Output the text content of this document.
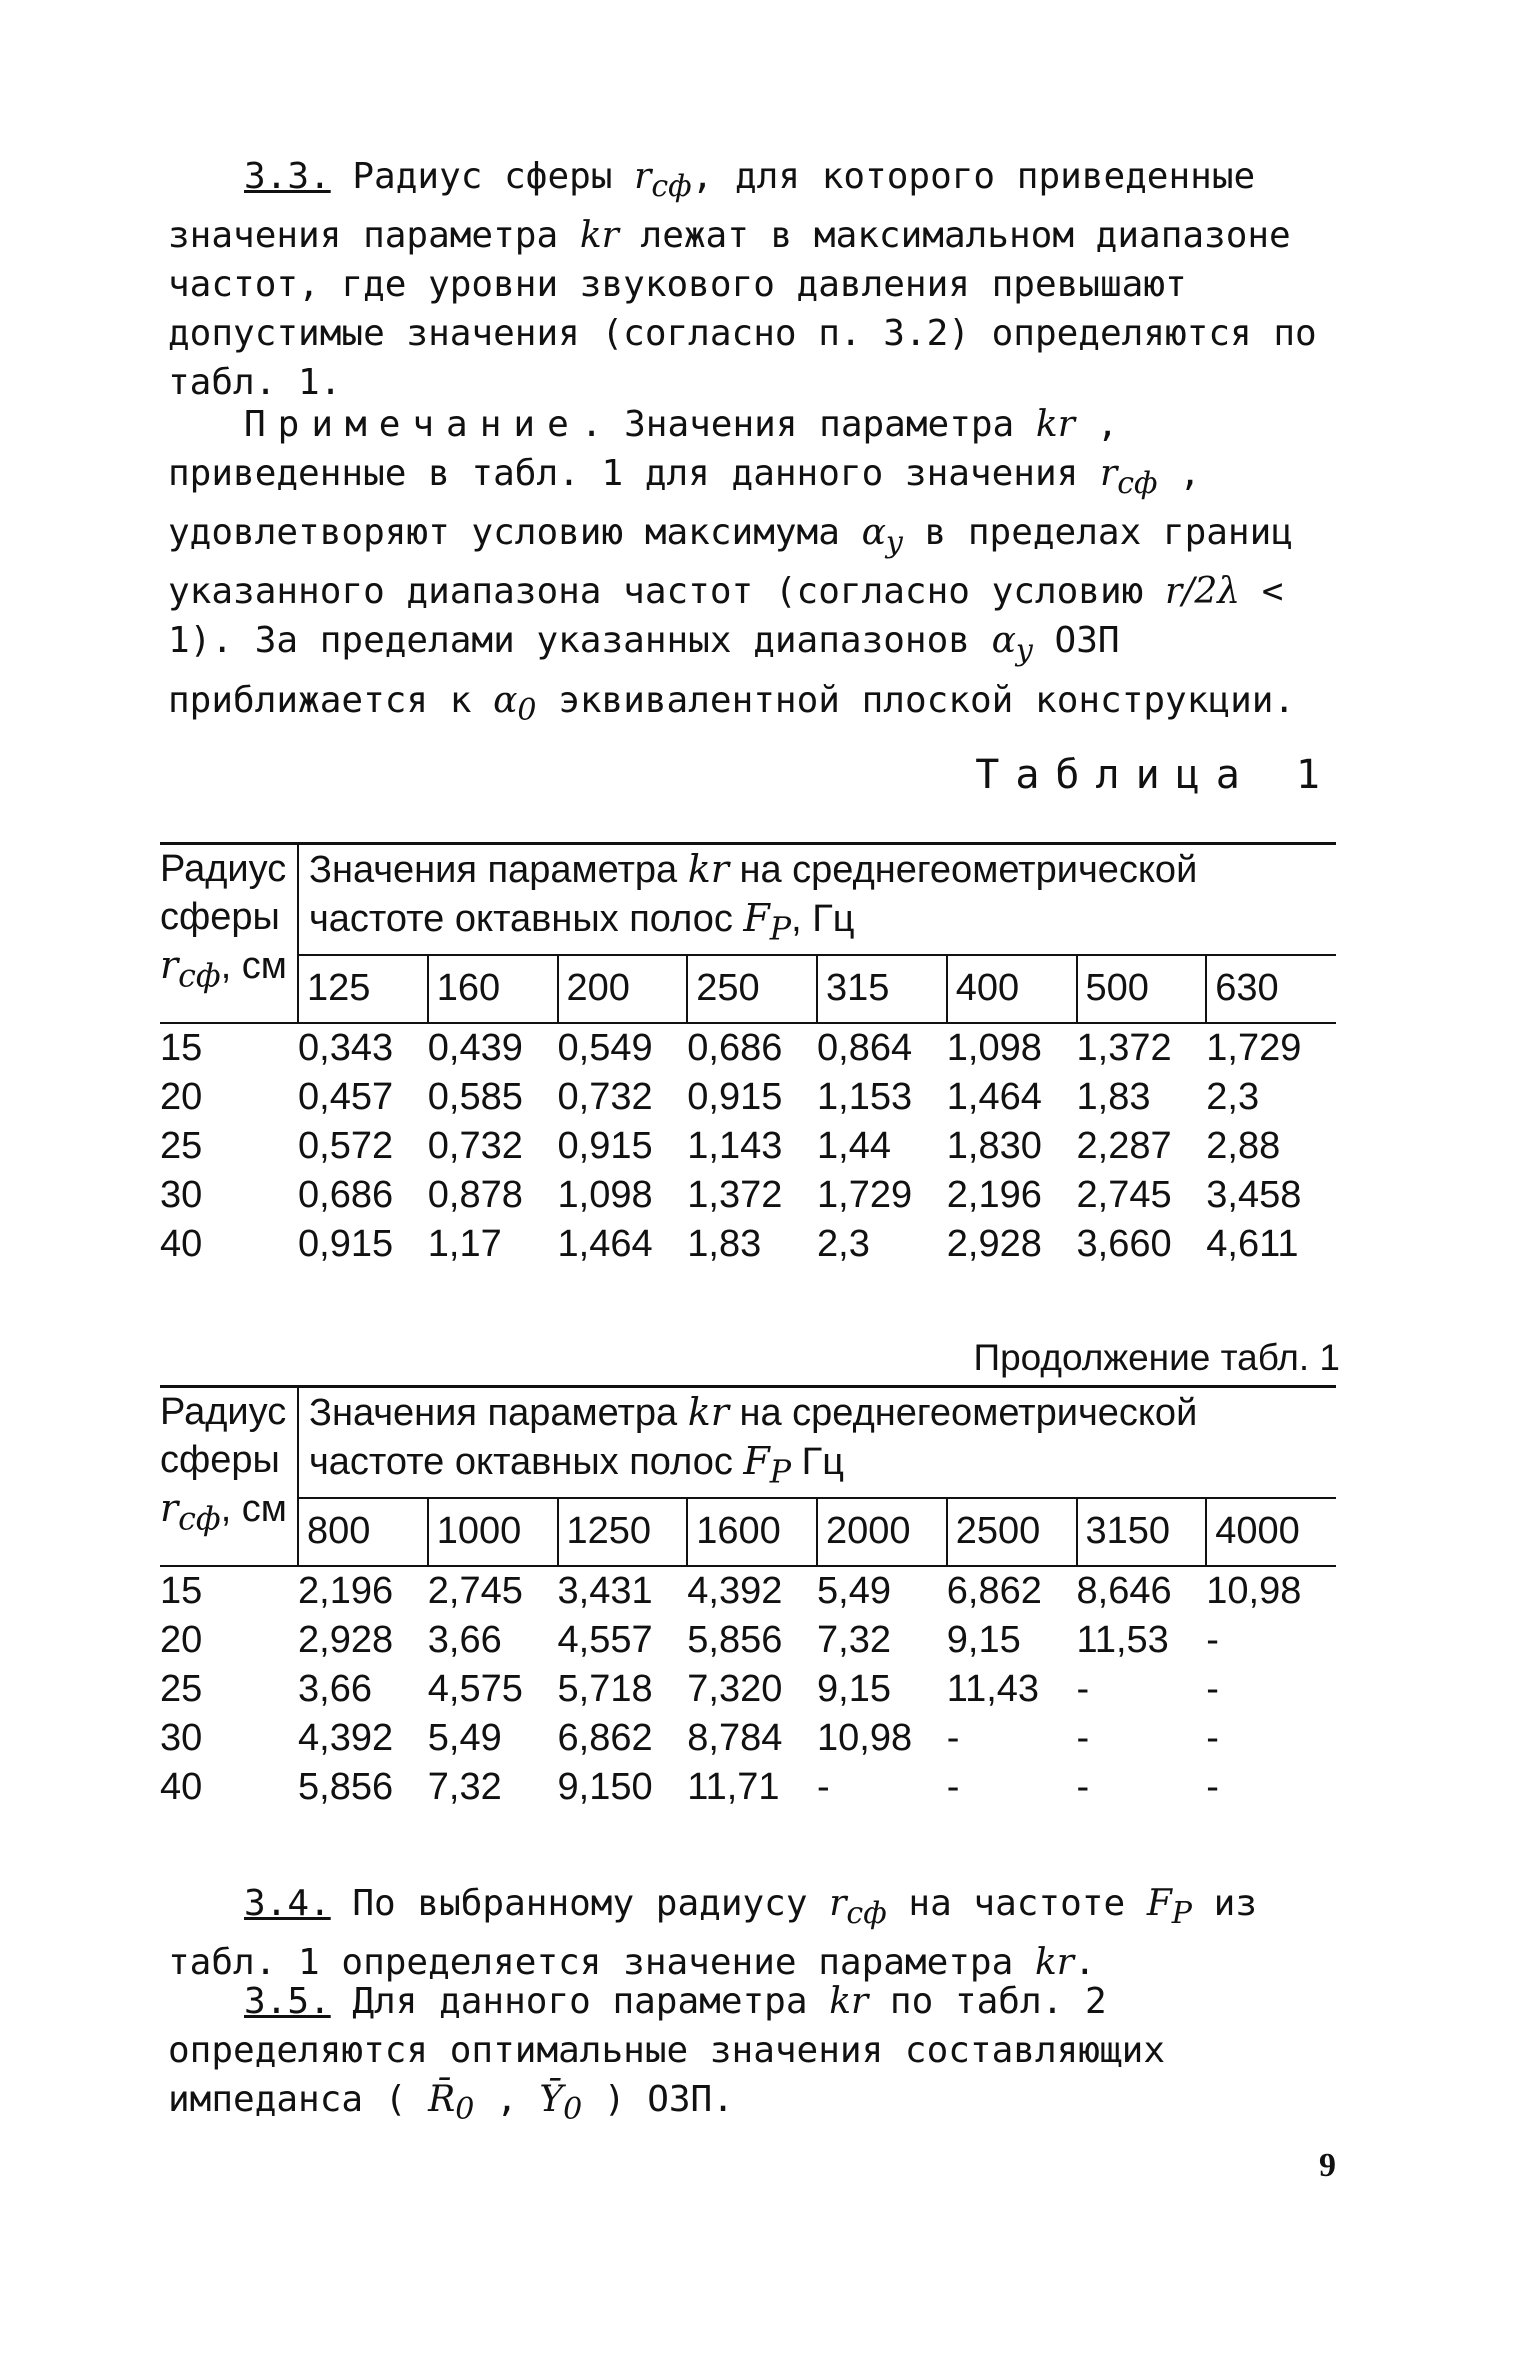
3.3. Радиус сферы $r_{сф}$, для которого приведенные значения параметра kr лежат в максимальном диапазоне частот, где уровни звукового давления превышают допустимые значения (согласно п. 3.2) определяются по табл. 1.

Примечание. Значения параметра kr , приведенные в табл. 1 для данного значения $r_{сф}$ , удовлетворяют условию максимума $\alpha_y$ в пределах границ указанного диапазона частот (согласно условию r/2λ < 1). За пределами указанных диапазонов $\alpha_y$ ОЗП приближается к $\alpha_0$ эквивалентной плоской конструкции.

Таблица 1
Радиус сферы
$r_{сф}$, см	Значения параметра kr на среднегеометрической частоте октавных полос $F_P$, Гц							
	125	160	200	250	315	400	500	630
15	0,343	0,439	0,549	0,686	0,864	1,098	1,372	1,729
20	0,457	0,585	0,732	0,915	1,153	1,464	1,83	2,3
25	0,572	0,732	0,915	1,143	1,44	1,830	2,287	2,88
30	0,686	0,878	1,098	1,372	1,729	2,196	2,745	3,458
40	0,915	1,17	1,464	1,83	2,3	2,928	3,660	4,611
Продолжение табл. 1
Радиус сферы
$r_{сф}$, см	Значения параметра kr на среднегеометрической частоте октавных полос $F_P$ Гц							
	800	1000	1250	1600	2000	2500	3150	4000
15	2,196	2,745	3,431	4,392	5,49	6,862	8,646	10,98
20	2,928	3,66	4,557	5,856	7,32	9,15	11,53	-
25	3,66	4,575	5,718	7,320	9,15	11,43	-	-
30	4,392	5,49	6,862	8,784	10,98	-	-	-
40	5,856	7,32	9,150	11,71	-	-	-	-

3.4. По выбранному радиусу $r_{сф}$ на частоте $F_P$ из табл. 1 определяется значение параметра kr.

3.5. Для данного параметра kr по табл. 2 определяются оптимальные значения составляющих импеданса ( $R̄_0$ , $Ȳ_0$ ) ОЗП.

9
